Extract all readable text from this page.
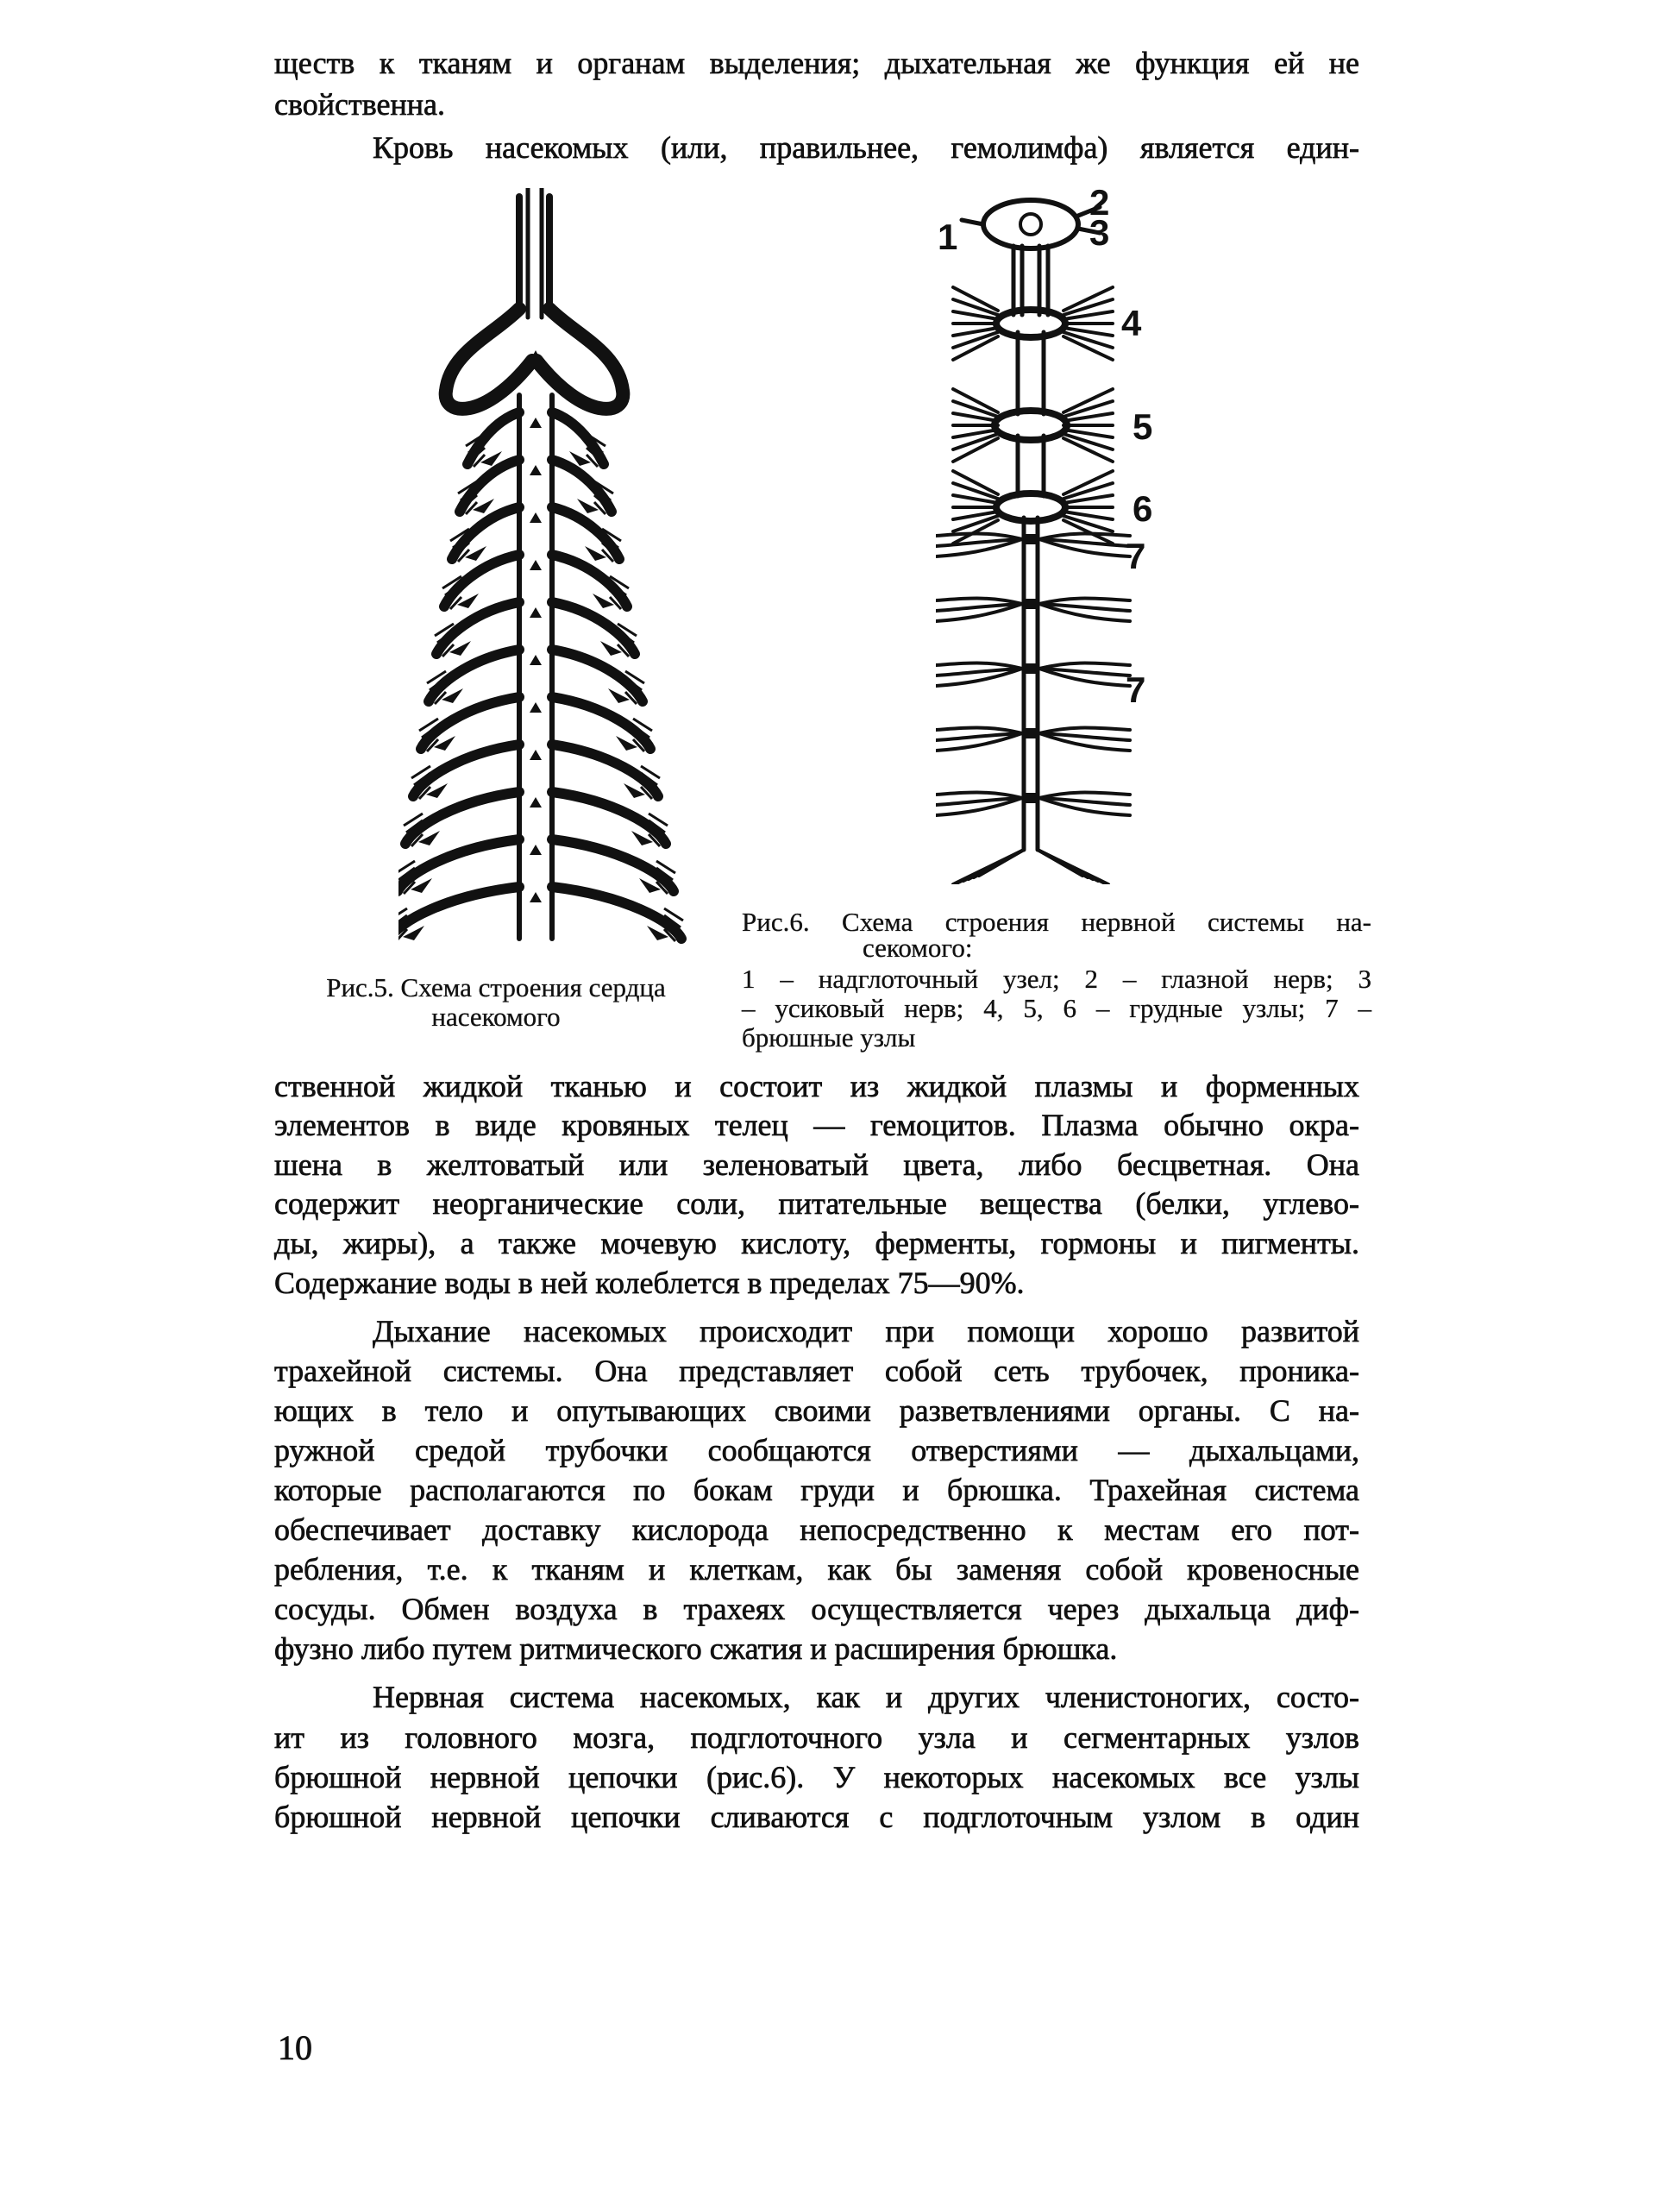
ществ к тканям и органам выделения; дыхательная же функция ей не

свойственна.

Кровь насекомых (или, правильнее, гемолимфа) является един-

1
2
3
4
5
6
7
7
Рис.5. Схема строения сердца
насекомого

Рис.6. Схема строения нервной системы на-

секомого:

1 – надглоточный узел; 2 – глазной нерв; 3
– усиковый нерв; 4, 5, 6 – грудные узлы; 7 –
брюшные узлы

ственной жидкой тканью и состоит из жидкой плазмы и форменных

элементов в виде кровяных телец — гемоцитов. Плазма обычно окра-

шена в желтоватый или зеленоватый цвета, либо бесцветная. Она

содержит неорганические соли, питательные вещества (белки, углево-

ды, жиры), а также мочевую кислоту, ферменты, гормоны и пигменты.

Содержание воды в ней колеблется в пределах 75—90%.

Дыхание насекомых происходит при помощи хорошо развитой

трахейной системы. Она представляет собой сеть трубочек, проника-

ющих в тело и опутывающих своими разветвлениями органы. С на-

ружной средой трубочки сообщаются отверстиями — дыхальцами,

которые располагаются по бокам груди и брюшка. Трахейная система

обеспечивает доставку кислорода непосредственно к местам его пот-

ребления, т.е. к тканям и клеткам, как бы заменяя собой кровеносные

сосуды. Обмен воздуха в трахеях осуществляется через дыхальца диф-

фузно либо путем ритмического сжатия и расширения брюшка.

Нервная система насекомых, как и других членистоногих, состо-

ит из головного мозга, подглоточного узла и сегментарных узлов

брюшной нервной цепочки (рис.6). У некоторых насекомых все узлы

брюшной нервной цепочки сливаются с подглоточным узлом в один

10
